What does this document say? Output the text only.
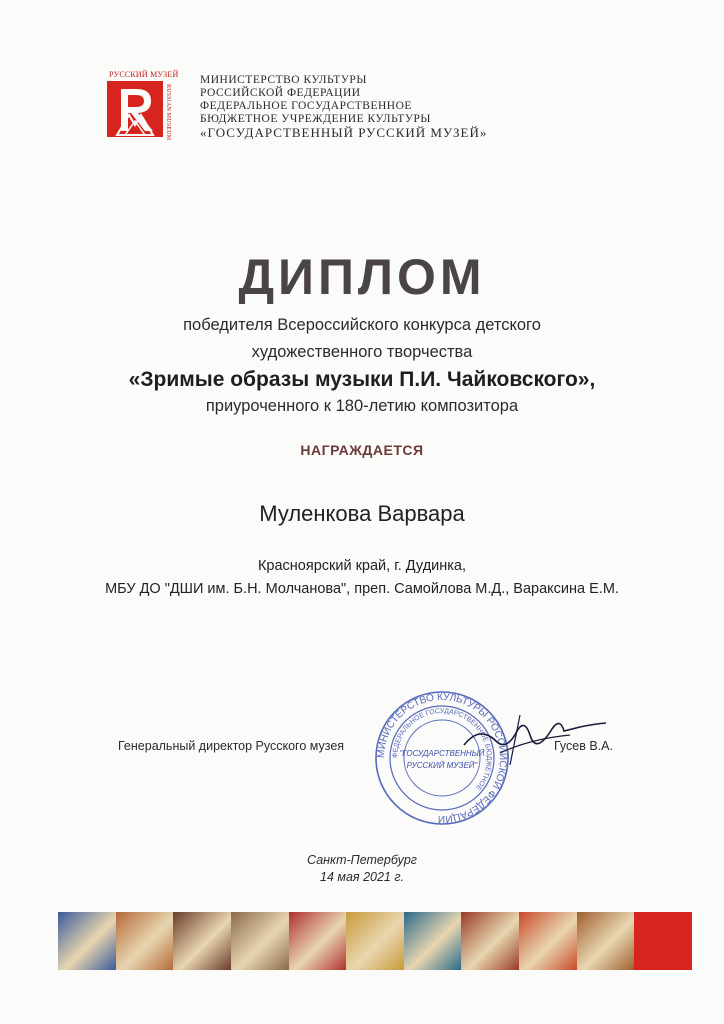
РУССКИЙ МУЗЕЙ
RUSSIAN MUSEUM
МИНИСТЕРСТВО КУЛЬТУРЫ
РОССИЙСКОЙ ФЕДЕРАЦИИ
ФЕДЕРАЛЬНОЕ ГОСУДАРСТВЕННОЕ
БЮДЖЕТНОЕ УЧРЕЖДЕНИЕ КУЛЬТУРЫ
«ГОСУДАРСТВЕННЫЙ РУССКИЙ МУЗЕЙ»
ДИПЛОМ
победителя Всероссийского конкурса детского
художественного творчества
«Зримые образы музыки П.И. Чайковского»,
приуроченного к 180-летию композитора
НАГРАЖДАЕТСЯ
Муленкова Варвара
Красноярский край, г. Дудинка,
МБУ ДО "ДШИ им. Б.Н. Молчанова", преп. Самойлова М.Д., Вараксина Е.М.
Генеральный директор Русского музея
МИНИСТЕРСТВО КУЛЬТУРЫ РОССИЙСКОЙ ФЕДЕРАЦИИ
ФЕДЕРАЛЬНОЕ ГОСУДАРСТВЕННОЕ БЮДЖЕТНОЕ
"ГОСУДАРСТВЕННЫЙ
РУССКИЙ МУЗЕЙ"
Гусев В.А.
Санкт-Петербург
14 мая 2021 г.
